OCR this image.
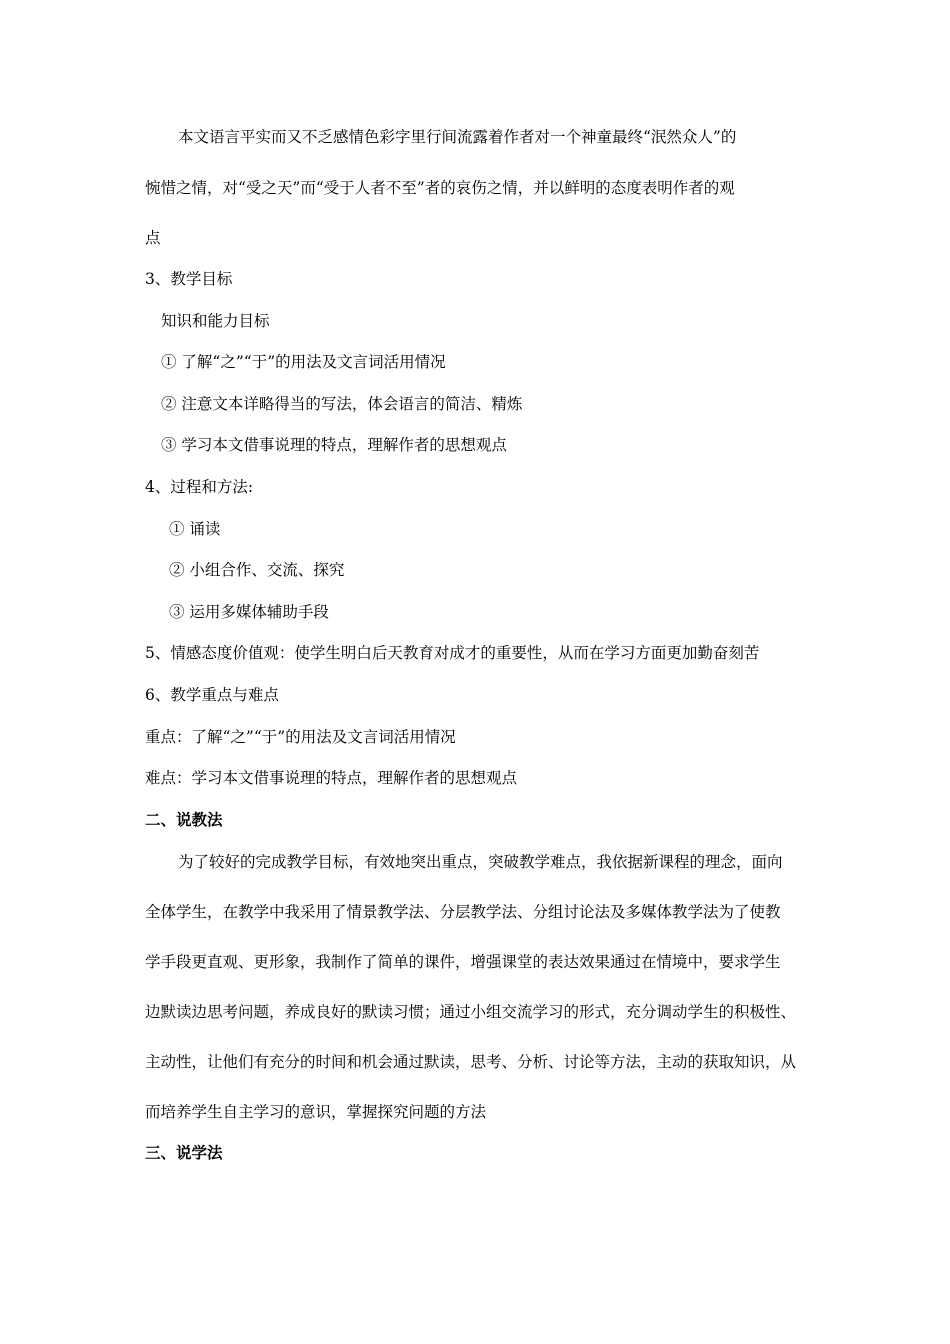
本文语言平实而又不乏感情色彩字里行间流露着作者对一个神童最终“泯然众人”的
惋惜之情，对“受之天”而“受于人者不至”者的哀伤之情，并以鲜明的态度表明作者的观
点
3、教学目标
知识和能力目标
① 了解“之”“于”的用法及文言词活用情况
② 注意文本详略得当的写法，体会语言的简洁、精炼
③ 学习本文借事说理的特点，理解作者的思想观点
4、过程和方法:
① 诵读
② 小组合作、交流、探究
③ 运用多媒体辅助手段
5、情感态度价值观：使学生明白后天教育对成才的重要性，从而在学习方面更加勤奋刻苦
6、教学重点与难点
重点：了解“之”“于”的用法及文言词活用情况
难点：学习本文借事说理的特点，理解作者的思想观点
二、说教法
为了较好的完成教学目标，有效地突出重点，突破教学难点，我依据新课程的理念，面向
全体学生，在教学中我采用了情景教学法、分层教学法、分组讨论法及多媒体教学法为了使教
学手段更直观、更形象，我制作了简单的课件，增强课堂的表达效果通过在情境中，要求学生
边默读边思考问题，养成良好的默读习惯；通过小组交流学习的形式，充分调动学生的积极性、
主动性，让他们有充分的时间和机会通过默读，思考、分析、讨论等方法，主动的获取知识，从
而培养学生自主学习的意识，掌握探究问题的方法
三、说学法
